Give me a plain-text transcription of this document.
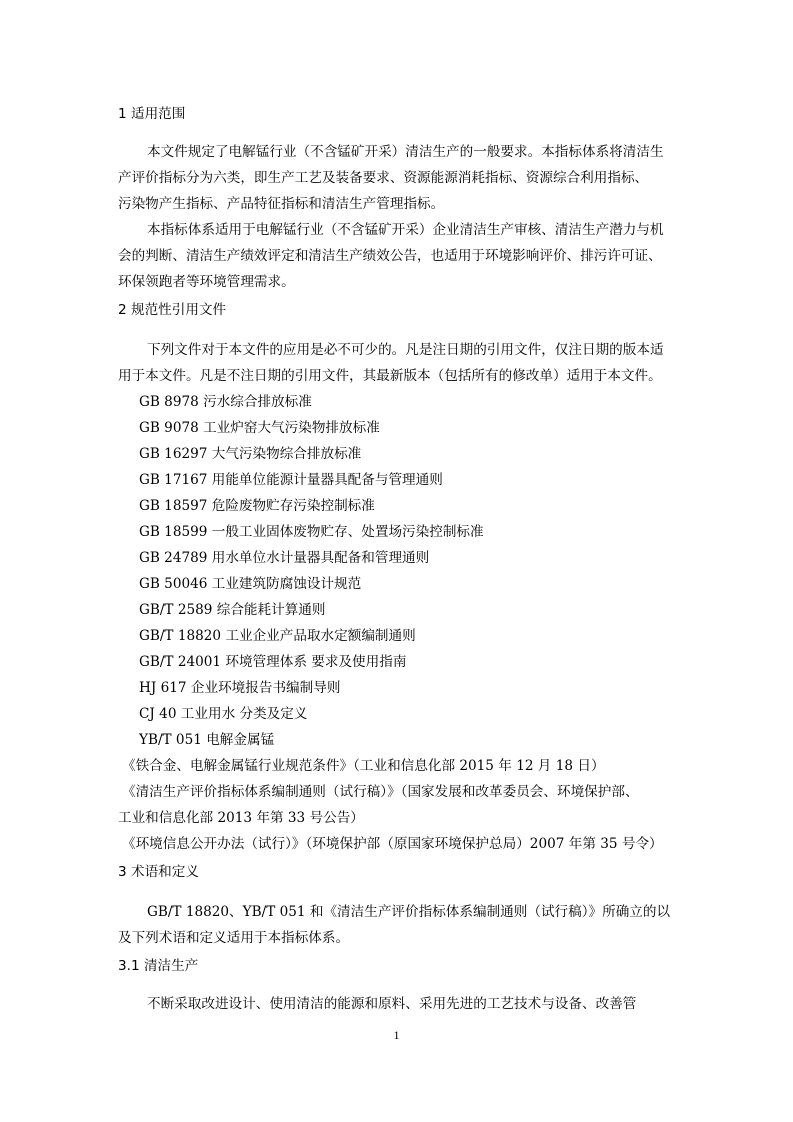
1 适用范围
本文件规定了电解锰行业（不含锰矿开采）清洁生产的一般要求。本指标体系将清洁生
产评价指标分为六类，即生产工艺及装备要求、资源能源消耗指标、资源综合利用指标、
污染物产生指标、产品特征指标和清洁生产管理指标。
本指标体系适用于电解锰行业（不含锰矿开采）企业清洁生产审核、清洁生产潜力与机
会的判断、清洁生产绩效评定和清洁生产绩效公告，也适用于环境影响评价、排污许可证、
环保领跑者等环境管理需求。
2 规范性引用文件
下列文件对于本文件的应用是必不可少的。凡是注日期的引用文件，仅注日期的版本适
用于本文件。凡是不注日期的引用文件，其最新版本（包括所有的修改单）适用于本文件。
GB 8978 污水综合排放标准
GB 9078 工业炉窑大气污染物排放标准
GB 16297 大气污染物综合排放标准
GB 17167 用能单位能源计量器具配备与管理通则
GB 18597 危险废物贮存污染控制标准
GB 18599 一般工业固体废物贮存、处置场污染控制标准
GB 24789 用水单位水计量器具配备和管理通则
GB 50046 工业建筑防腐蚀设计规范
GB/T 2589 综合能耗计算通则
GB/T 18820 工业企业产品取水定额编制通则
GB/T 24001 环境管理体系 要求及使用指南
HJ 617 企业环境报告书编制导则
CJ 40 工业用水 分类及定义
YB/T 051 电解金属锰
《铁合金、电解金属锰行业规范条件》（工业和信息化部 2015 年 12 月 18 日）
《清洁生产评价指标体系编制通则（试行稿）》（国家发展和改革委员会、环境保护部、
工业和信息化部 2013 年第 33 号公告）
《环境信息公开办法（试行）》（环境保护部（原国家环境保护总局）2007 年第 35 号令）
3 术语和定义
GB/T 18820、YB/T 051 和《清洁生产评价指标体系编制通则（试行稿）》所确立的以
及下列术语和定义适用于本指标体系。
3.1 清洁生产
不断采取改进设计、使用清洁的能源和原料、采用先进的工艺技术与设备、改善管
1
